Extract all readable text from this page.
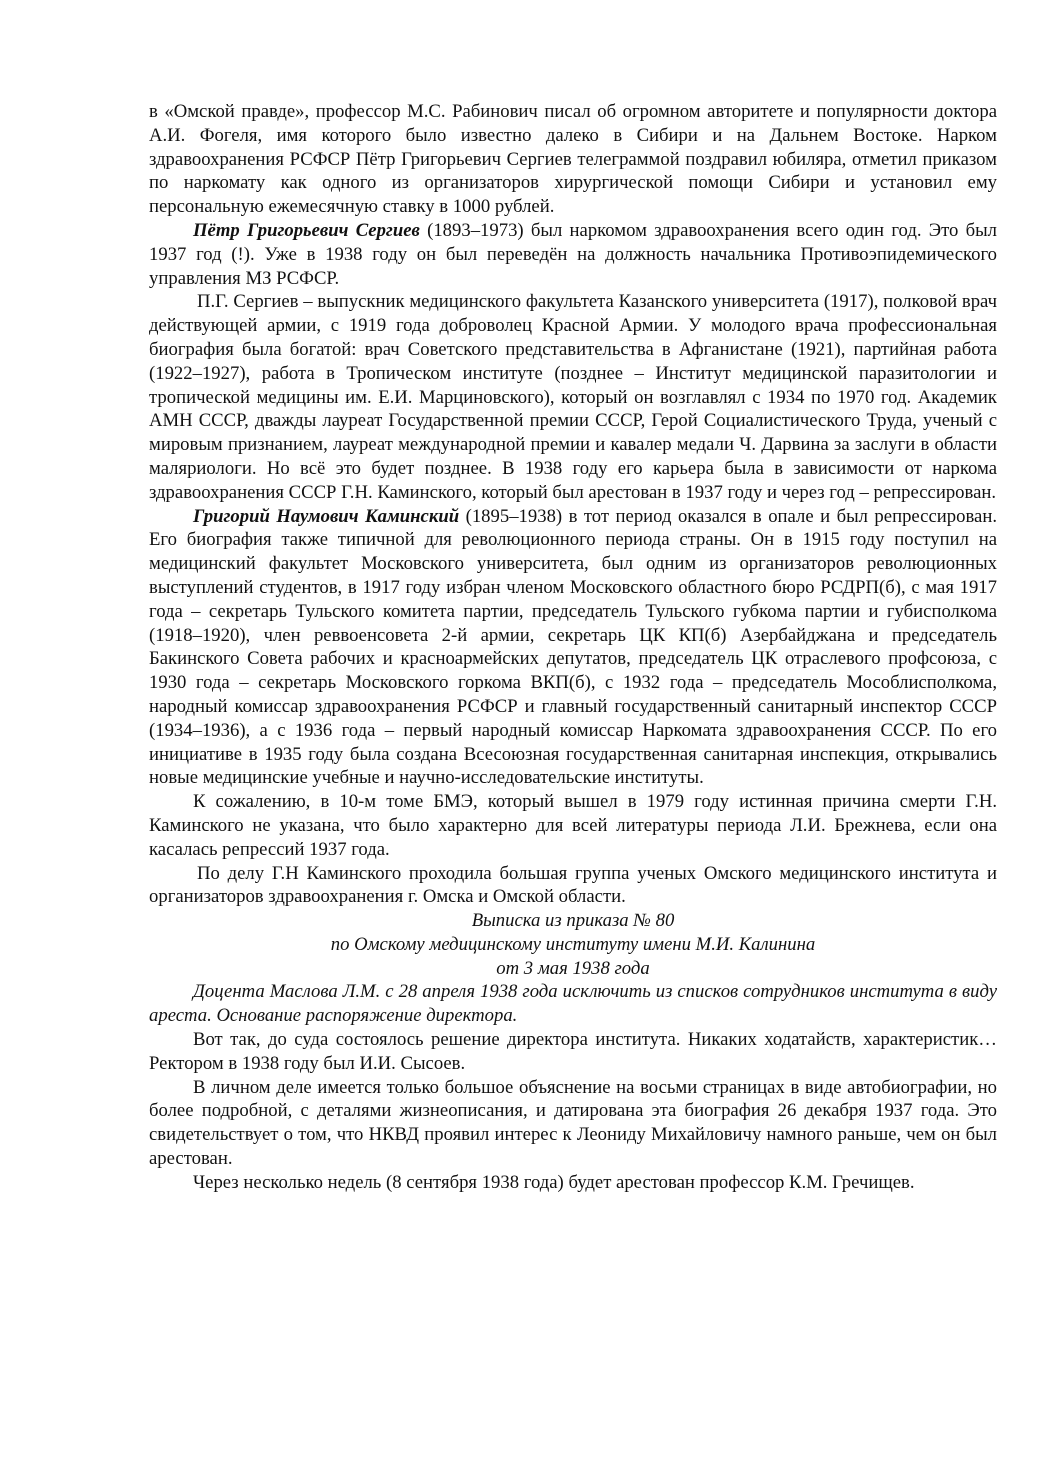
в «Омской правде», профессор М.С. Рабинович писал об огромном авторитете и популярности доктора А.И. Фогеля, имя которого было известно далеко в Сибири и на Дальнем Востоке. Нарком здравоохранения РСФСР Пётр Григорьевич Сергиев телеграммой поздравил юбиляра, отметил приказом по наркомату как одного из организаторов хирургической помощи Сибири и установил ему персональную ежемесячную ставку в 1000 рублей.

Пётр Григорьевич Сергиев (1893–1973) был наркомом здравоохранения всего один год. Это был 1937 год (!). Уже в 1938 году он был переведён на должность начальника Противоэпидемического управления МЗ РСФСР.

П.Г. Сергиев – выпускник медицинского факультета Казанского университета (1917), полковой врач действующей армии, с 1919 года доброволец Красной Армии. У молодого врача профессиональная биография была богатой: врач Советского представительства в Афганистане (1921), партийная работа (1922–1927), работа в Тропическом институте (позднее – Институт медицинской паразитологии и тропической медицины им. Е.И. Марциновского), который он возглавлял с 1934 по 1970 год. Академик АМН СССР, дважды лауреат Государственной премии СССР, Герой Социалистического Труда, ученый с мировым признанием, лауреат международной премии и кавалер медали Ч. Дарвина за заслуги в области маляриологи. Но всё это будет позднее. В 1938 году его карьера была в зависимости от наркома здравоохранения СССР Г.Н. Каминского, который был арестован в 1937 году и через год – репрессирован.

Григорий Наумович Каминский (1895–1938) в тот период оказался в опале и был репрессирован. Его биография также типичной для революционного периода страны. Он в 1915 году поступил на медицинский факультет Московского университета, был одним из организаторов революционных выступлений студентов, в 1917 году избран членом Московского областного бюро РСДРП(б), с мая 1917 года – секретарь Тульского комитета партии, председатель Тульского губкома партии и губисполкома (1918–1920), член реввоенсовета 2-й армии, секретарь ЦК КП(б) Азербайджана и председатель Бакинского Совета рабочих и красноармейских депутатов, председатель ЦК отраслевого профсоюза, с 1930 года – секретарь Московского горкома ВКП(б), с 1932 года – председатель Мособлисполкома, народный комиссар здравоохранения РСФСР и главный государственный санитарный инспектор СССР (1934–1936), а с 1936 года – первый народный комиссар Наркомата здравоохранения СССР. По его инициативе в 1935 году была создана Всесоюзная государственная санитарная инспекция, открывались новые медицинские учебные и научно-исследовательские институты.

К сожалению, в 10-м томе БМЭ, который вышел в 1979 году истинная причина смерти Г.Н. Каминского не указана, что было характерно для всей литературы периода Л.И. Брежнева, если она касалась репрессий 1937 года.

По делу Г.Н Каминского проходила большая группа ученых Омского медицинского института и организаторов здравоохранения г. Омска и Омской области.

Выписка из приказа № 80

по Омскому медицинскому институту имени М.И. Калинина

от 3 мая 1938 года

Доцента Маслова Л.М. с 28 апреля 1938 года исключить из списков сотрудников института в виду ареста. Основание распоряжение директора.

Вот так, до суда состоялось решение директора института. Никаких ходатайств, характеристик… Ректором в 1938 году был И.И. Сысоев.

В личном деле имеется только большое объяснение на восьми страницах в виде автобиографии, но более подробной, с деталями жизнеописания, и датирована эта биография 26 декабря 1937 года. Это свидетельствует о том, что НКВД проявил интерес к Леониду Михайловичу намного раньше, чем он был арестован.

Через несколько недель (8 сентября 1938 года) будет арестован профессор К.М. Гречищев.
